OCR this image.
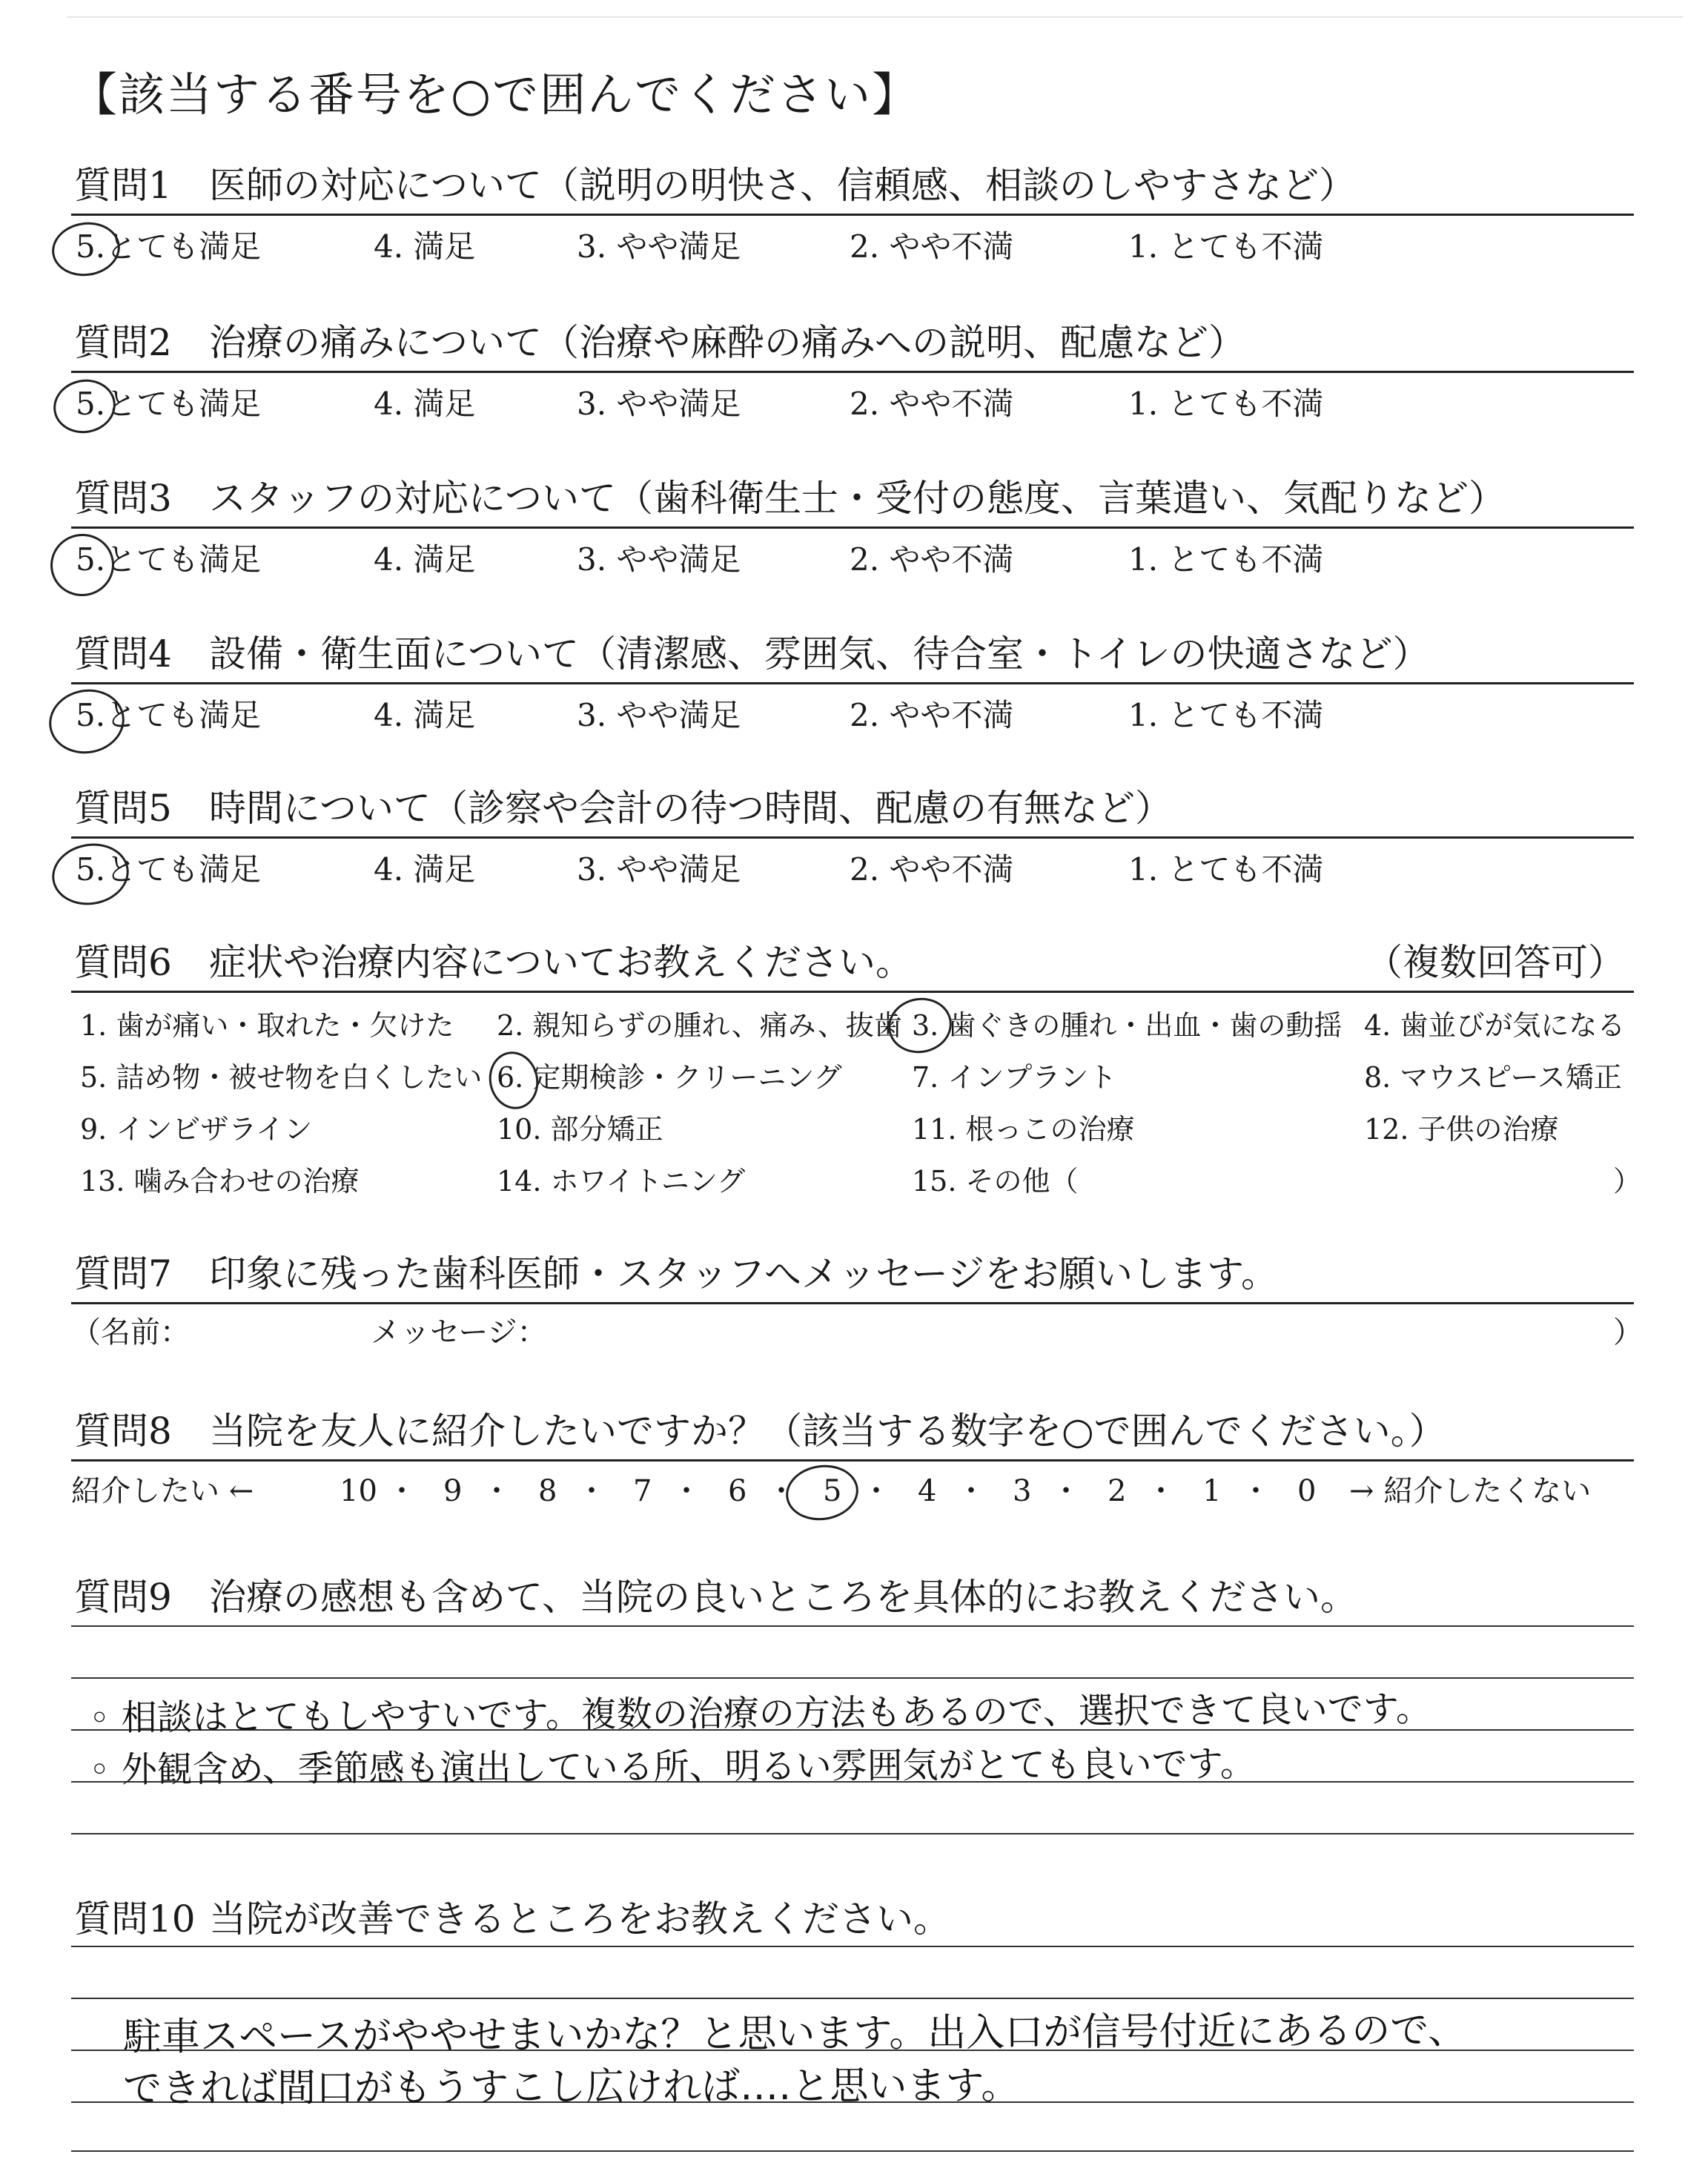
【該当する番号を○で囲んでください】
質問1 医師の対応について（説明の明快さ、信頼感、相談のしやすさなど）
5.とても満足	4. 満足	3. やや満足	2. やや不満	1. とても不満
質問2 治療の痛みについて（治療や麻酔の痛みへの説明、配慮など）
5.とても満足	4. 満足	3. やや満足	2. やや不満	1. とても不満
質問3 スタッフの対応について（歯科衛生士・受付の態度、言葉遣い、気配りなど）
5.とても満足	4. 満足	3. やや満足	2. やや不満	1. とても不満
質問4 設備・衛生面について（清潔感、雰囲気、待合室・トイレの快適さなど）
5.とても満足	4. 満足	3. やや満足	2. やや不満	1. とても不満
質問5 時間について（診察や会計の待つ時間、配慮の有無など）
5.とても満足	4. 満足	3. やや満足	2. やや不満	1. とても不満
質問6 症状や治療内容についてお教えください。	（複数回答可）
1. 歯が痛い・取れた・欠けた 2. 親知らずの腫れ、痛み、抜歯 3. 歯ぐきの腫れ・出血・歯の動揺 4. 歯並びが気になる
5. 詰め物・被せ物を白くしたい 6. 定期検診・クリーニング 7. インプラント	8. マウスピース矯正
9. インビザライン	10. 部分矯正	11. 根っこの治療	12. 子供の治療
13. 噛み合わせの治療	14. ホワイトニング	15. その他（	）
質問7 印象に残った歯科医師・スタッフへメッセージをお願いします。
（名前：	メッセージ：	）
質問8 当院を友人に紹介したいですか？（該当する数字を○で囲んでください。）
紹介したい ←	→ 紹介したくない
10 ・ 9 ・ 8 ・ 7 ・ 6 ・ 5 ・ 4 ・ 3 ・ 2 ・ 1 ・ 0
質問9 治療の感想も含めて、当院の良いところを具体的にお教えください。
◦ 相談はとてもしやすいです。複数の治療の方法もあるので、選択できて良いです。
◦ 外観含め、季節感も演出している所、明るい雰囲気がとても良いです。
質問10 当院が改善できるところをお教えください。
駐車スペースがややせまいかな？と思います。出入口が信号付近にあるので、
できれば間口がもうすこし広ければ‥‥と思います。
